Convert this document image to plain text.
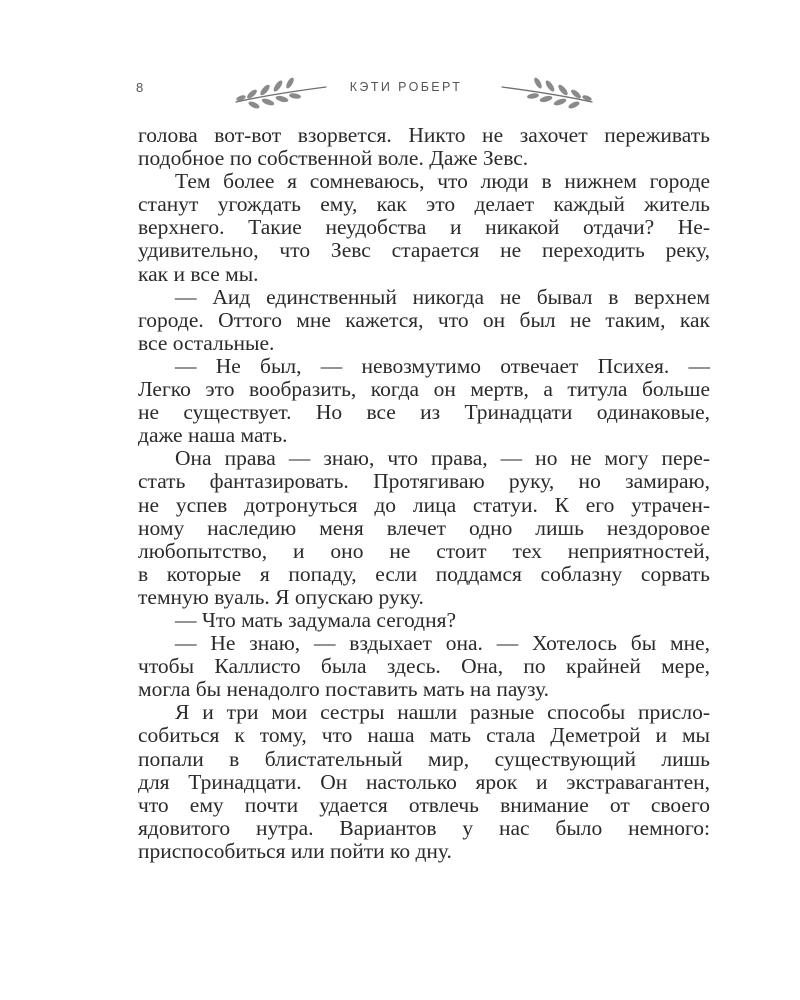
8	КЭТИ РОБЕРТ
голова вот-вот взорвется. Никто не захочет переживать
подобное по собственной воле. Даже Зевс.
Тем более я сомневаюсь, что люди в нижнем городе
станут угождать ему, как это делает каждый житель
верхнего. Такие неудобства и никакой отдачи? Не-
удивительно, что Зевс старается не переходить реку,
как и все мы.
— Аид единственный никогда не бывал в верхнем
городе. Оттого мне кажется, что он был не таким, как
все остальные.
— Не был, — невозмутимо отвечает Психея. —
Легко это вообразить, когда он мертв, а титула больше
не существует. Но все из Тринадцати одинаковые,
даже наша мать.
Она права — знаю, что права, — но не могу пере-
стать фантазировать. Протягиваю руку, но замираю,
не успев дотронуться до лица статуи. К его утрачен-
ному наследию меня влечет одно лишь нездоровое
любопытство, и оно не стоит тех неприятностей,
в которые я попаду, если поддамся соблазну сорвать
темную вуаль. Я опускаю руку.
— Что мать задумала сегодня?
— Не знаю, — вздыхает она. — Хотелось бы мне,
чтобы Каллисто была здесь. Она, по крайней мере,
могла бы ненадолго поставить мать на паузу.
Я и три мои сестры нашли разные способы присло-
собиться к тому, что наша мать стала Деметрой и мы
попали в блистательный мир, существующий лишь
для Тринадцати. Он настолько ярок и экстравагантен,
что ему почти удается отвлечь внимание от своего
ядовитого нутра. Вариантов у нас было немного:
приспособиться или пойти ко дну.
